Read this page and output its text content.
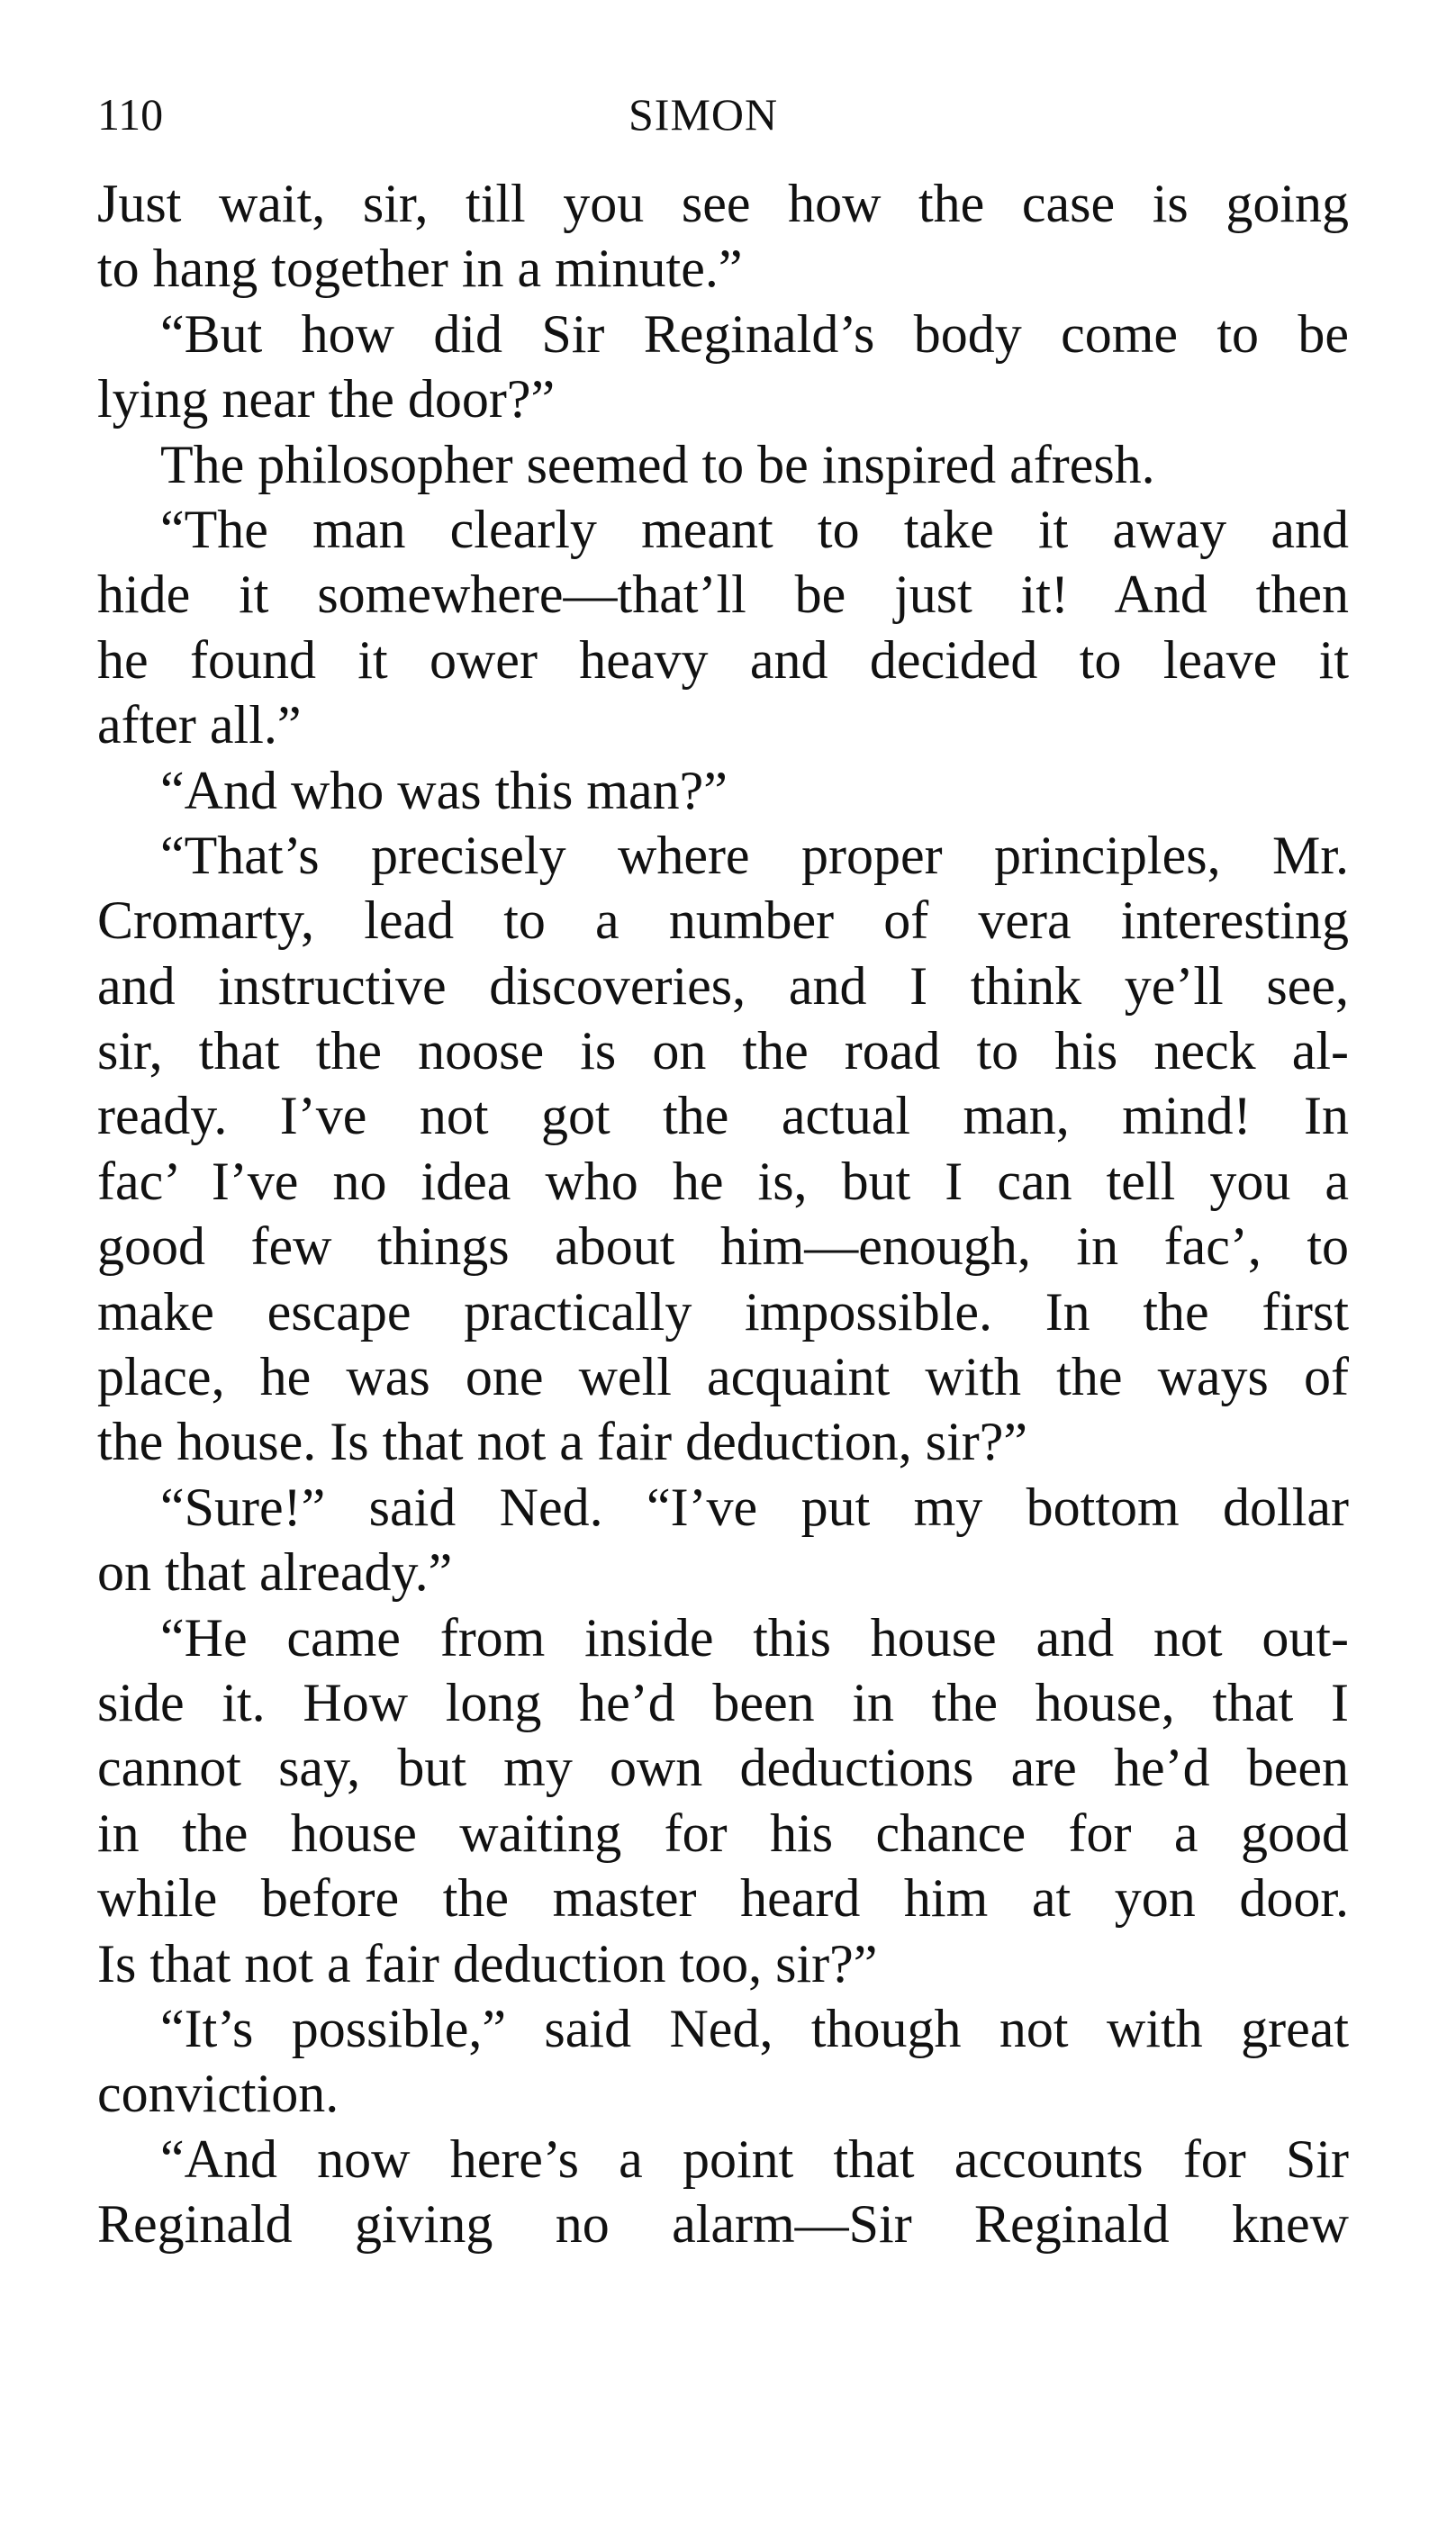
110	SIMON
Just wait, sir, till you see how the case is going
to hang together in a minute.”
“But how did Sir Reginald’s body come to be
lying near the door?”
The philosopher seemed to be inspired afresh.
“The man clearly meant to take it away and
hide it somewhere—that’ll be just it! And then
he found it ower heavy and decided to leave it
after all.”
“And who was this man?”
“That’s precisely where proper principles, Mr.
Cromarty, lead to a number of vera interesting
and instructive discoveries, and I think ye’ll see,
sir, that the noose is on the road to his neck al-
ready. I’ve not got the actual man, mind! In
fac’ I’ve no idea who he is, but I can tell you a
good few things about him—enough, in fac’, to
make escape practically impossible. In the first
place, he was one well acquaint with the ways of
the house. Is that not a fair deduction, sir?”
“Sure!” said Ned. “I’ve put my bottom dollar
on that already.”
“He came from inside this house and not out-
side it. How long he’d been in the house, that I
cannot say, but my own deductions are he’d been
in the house waiting for his chance for a good
while before the master heard him at yon door.
Is that not a fair deduction too, sir?”
“It’s possible,” said Ned, though not with great
conviction.
“And now here’s a point that accounts for Sir
Reginald giving no alarm—Sir Reginald knew
